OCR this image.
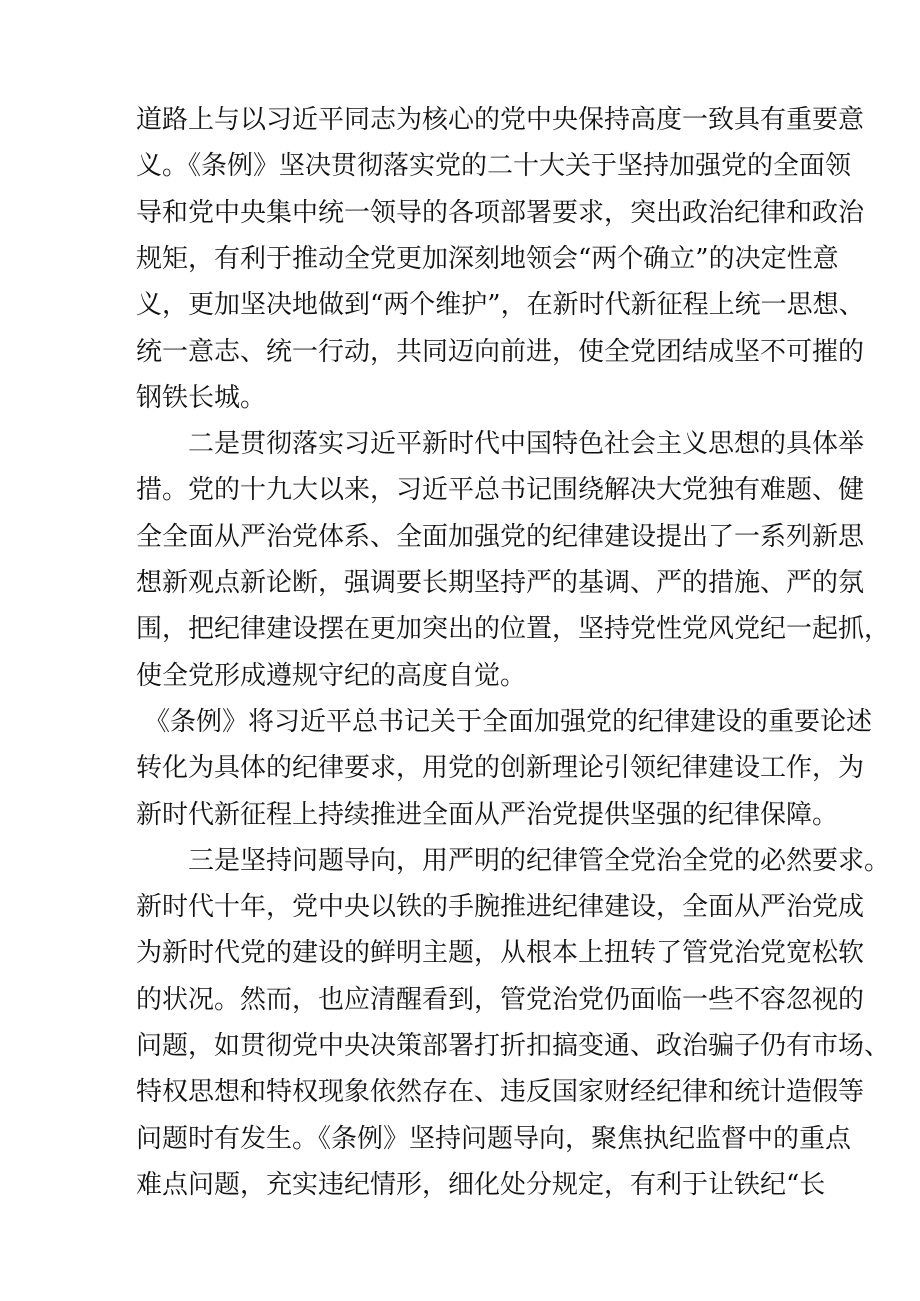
道路上与以习近平同志为核心的党中央保持高度一致具有重要意
义。《条例》坚决贯彻落实党的二十大关于坚持加强党的全面领
导和党中央集中统一领导的各项部署要求，突出政治纪律和政治
规矩，有利于推动全党更加深刻地领会“两个确立”的决定性意
义，更加坚决地做到“两个维护”，在新时代新征程上统一思想、
统一意志、统一行动，共同迈向前进，使全党团结成坚不可摧的
钢铁长城。
二是贯彻落实习近平新时代中国特色社会主义思想的具体举
措。党的十九大以来，习近平总书记围绕解决大党独有难题、健
全全面从严治党体系、全面加强党的纪律建设提出了一系列新思
想新观点新论断，强调要长期坚持严的基调、严的措施、严的氛
围，把纪律建设摆在更加突出的位置，坚持党性党风党纪一起抓，
使全党形成遵规守纪的高度自觉。
《条例》将习近平总书记关于全面加强党的纪律建设的重要论述
转化为具体的纪律要求，用党的创新理论引领纪律建设工作，为
新时代新征程上持续推进全面从严治党提供坚强的纪律保障。
三是坚持问题导向，用严明的纪律管全党治全党的必然要求。
新时代十年，党中央以铁的手腕推进纪律建设，全面从严治党成
为新时代党的建设的鲜明主题，从根本上扭转了管党治党宽松软
的状况。然而，也应清醒看到，管党治党仍面临一些不容忽视的
问题，如贯彻党中央决策部署打折扣搞变通、政治骗子仍有市场、
特权思想和特权现象依然存在、违反国家财经纪律和统计造假等
问题时有发生。《条例》坚持问题导向，聚焦执纪监督中的重点
难点问题，充实违纪情形，细化处分规定，有利于让铁纪“长
